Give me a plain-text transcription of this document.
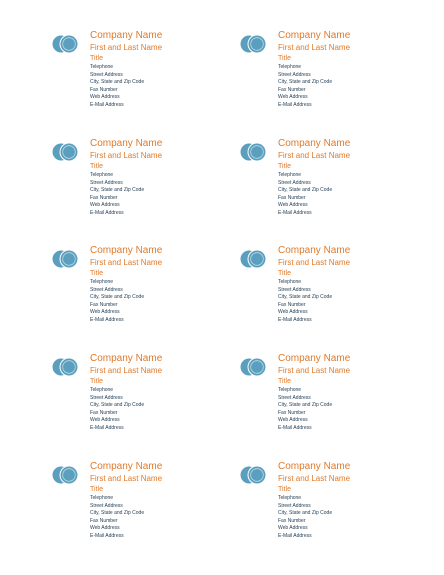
Company Name
First and Last Name
Title
Telephone
Street Address
City, State and Zip Code
Fax Number
Web Address
E-Mail Address
Company Name
First and Last Name
Title
Telephone
Street Address
City, State and Zip Code
Fax Number
Web Address
E-Mail Address
Company Name
First and Last Name
Title
Telephone
Street Address
City, State and Zip Code
Fax Number
Web Address
E-Mail Address
Company Name
First and Last Name
Title
Telephone
Street Address
City, State and Zip Code
Fax Number
Web Address
E-Mail Address
Company Name
First and Last Name
Title
Telephone
Street Address
City, State and Zip Code
Fax Number
Web Address
E-Mail Address
Company Name
First and Last Name
Title
Telephone
Street Address
City, State and Zip Code
Fax Number
Web Address
E-Mail Address
Company Name
First and Last Name
Title
Telephone
Street Address
City, State and Zip Code
Fax Number
Web Address
E-Mail Address
Company Name
First and Last Name
Title
Telephone
Street Address
City, State and Zip Code
Fax Number
Web Address
E-Mail Address
Company Name
First and Last Name
Title
Telephone
Street Address
City, State and Zip Code
Fax Number
Web Address
E-Mail Address
Company Name
First and Last Name
Title
Telephone
Street Address
City, State and Zip Code
Fax Number
Web Address
E-Mail Address
